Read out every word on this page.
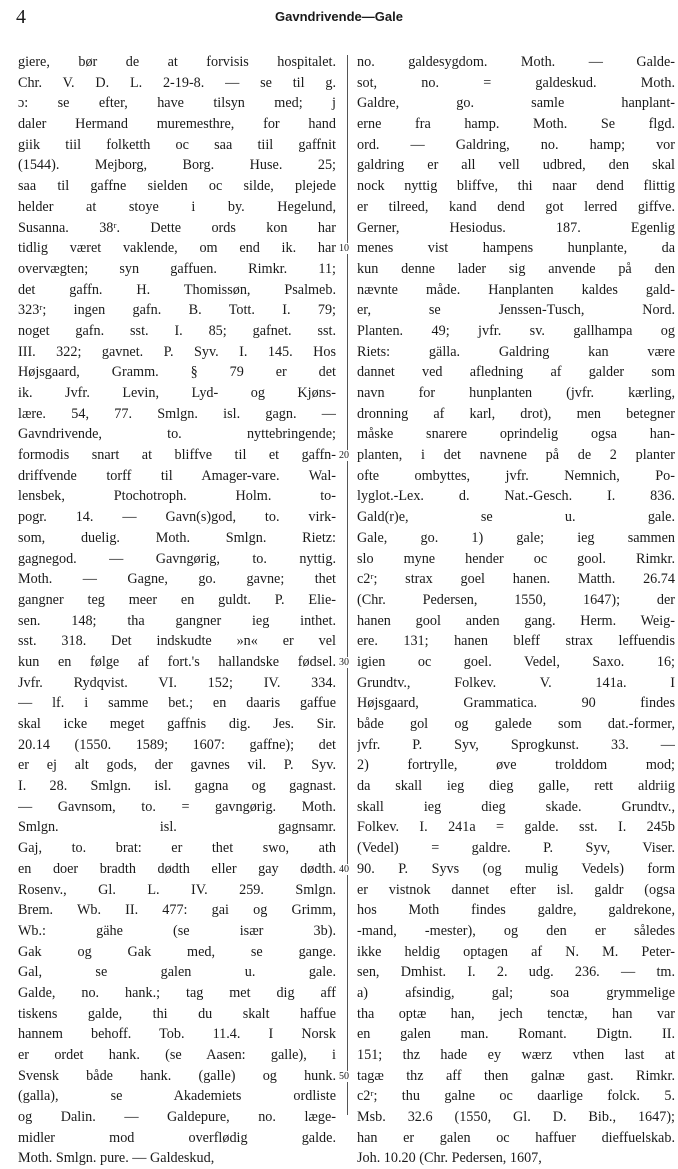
4	Gavndrivende—Gale
giere, bør de at forvisis hospitalet.
Chr. V. D. L. 2-19-8. — se til g.
ɔ: se efter, have tilsyn med; j
daler Hermand muremesthre, for hand
giik tiil folketth oc saa tiil gaffnit
(1544). Mejborg, Borg. Huse. 25;
saa til gaffne sielden oc silde, plejede
helder at stoye i by. Hegelund,
Susanna. 38ʳ. Dette ords kon har
tidlig været vaklende, om end ik. har
overvægten; syn gaffuen. Rimkr. 11;
det gaffn. H. Thomissøn, Psalmeb.
323ʳ; ingen gafn. B. Tott. I. 79;
noget gafn. sst. I. 85; gafnet. sst.
III. 322; gavnet. P. Syv. I. 145. Hos
Højsgaard, Gramm. § 79 er det
ik. Jvfr. Levin, Lyd- og Kjøns-
lære. 54, 77. Smlgn. isl. gagn. —
Gavndrivende, to. nyttebringende;
formodis snart at bliffve til et gaffn-
driffvende torff til Amager-vare. Wal-
lensbek, Ptochotroph. Holm. to-
pogr. 14. — Gavn(s)god, to. virk-
som, duelig. Moth. Smlgn. Rietz:
gagnegod. — Gavngørig, to. nyttig.
Moth. — Gagne, go. gavne; thet
gangner teg meer en guldt. P. Elie-
sen. 148; tha gangner ieg inthet.
sst. 318. Det indskudte »n« er vel
kun en følge af fort.'s hallandske fødsel.
Jvfr. Rydqvist. VI. 152; IV. 334.
— lf. i samme bet.; en daaris gaffue
skal icke meget gaffnis dig. Jes. Sir.
20.14 (1550. 1589; 1607: gaffne); det
er ej alt gods, der gavnes vil. P. Syv.
I. 28. Smlgn. isl. gagna og gagnast.
— Gavnsom, to. = gavngørig. Moth.
Smlgn. isl. gagnsamr.
Gaj, to. brat: er thet swo, ath
en doer bradth dødth eller gay dødth.
Rosenv., Gl. L. IV. 259. Smlgn.
Brem. Wb. II. 477: gai og Grimm,
Wb.: gähe (se især 3b).
Gak og Gak med, se gange.
Gal, se galen u. gale.
Galde, no. hank.; tag met dig aff
tiskens galde, thi du skalt haffue
hannem behoff. Tob. 11.4. I Norsk
er ordet hank. (se Aasen: galle), i
Svensk både hank. (galle) og hunk.
(galla), se Akademiets ordliste
og Dalin. — Galdepure, no. læge-
midler mod overflødig galde.
Moth. Smlgn. pure. — Galdeskud,
10
20
30
40
50
no. galdesygdom. Moth. — Galde-
sot, no. = galdeskud. Moth.
Galdre, go. samle hanplant-
erne fra hamp. Moth. Se flgd.
ord. — Galdring, no. hamp; vor
galdring er all vell udbred, den skal
nock nyttig bliffve, thi naar dend flittig
er tilreed, kand dend got lerred giffve.
Gerner, Hesiodus. 187. Egenlig
menes vist hampens hunplante, da
kun denne lader sig anvende på den
nævnte måde. Hanplanten kaldes gald-
er, se Jenssen-Tusch, Nord.
Planten. 49; jvfr. sv. gallhampa og
Riets: gälla. Galdring kan være
dannet ved afledning af galder som
navn for hunplanten (jvfr. kærling,
dronning af karl, drot), men betegner
måske snarere oprindelig ogsa han-
planten, i det navnene på de 2 planter
ofte ombyttes, jvfr. Nemnich, Po-
lyglot.-Lex. d. Nat.-Gesch. I. 836.
Gald(r)e, se u. gale.
Gale, go. 1) gale; ieg sammen
slo myne hender oc gool. Rimkr.
c2ʳ; strax goel hanen. Matth. 26.74
(Chr. Pedersen, 1550, 1647); der
hanen gool anden gang. Herm. Weig-
ere. 131; hanen bleff strax leffuendis
igien oc goel. Vedel, Saxo. 16;
Grundtv., Folkev. V. 141a. I
Højsgaard, Grammatica. 90 findes
både gol og galede som dat.-former,
jvfr. P. Syv, Sprogkunst. 33. —
2) fortrylle, øve trolddom mod;
da skall ieg dieg galle, rett aldriig
skall ieg dieg skade. Grundtv.,
Folkev. I. 241a = galde. sst. I. 245b
(Vedel) = galdre. P. Syv, Viser.
90. P. Syvs (og mulig Vedels) form
er vistnok dannet efter isl. galdr (ogsa
hos Moth findes galdre, galdrekone,
-mand, -mester), og den er således
ikke heldig optagen af N. M. Peter-
sen, Dmhist. I. 2. udg. 236. — tm.
a) afsindig, gal; soa grymmelige
tha optæ han, jech tenctæ, han var
en galen man. Romant. Digtn. II.
151; thz hade ey wærz vthen last at
tagæ thz aff then galnæ gast. Rimkr.
c2ʳ; thu galne oc daarlige folck. 5.
Msb. 32.6 (1550, Gl. D. Bib., 1647);
han er galen oc haffuer dieffuelskab.
Joh. 10.20 (Chr. Pedersen, 1607,
